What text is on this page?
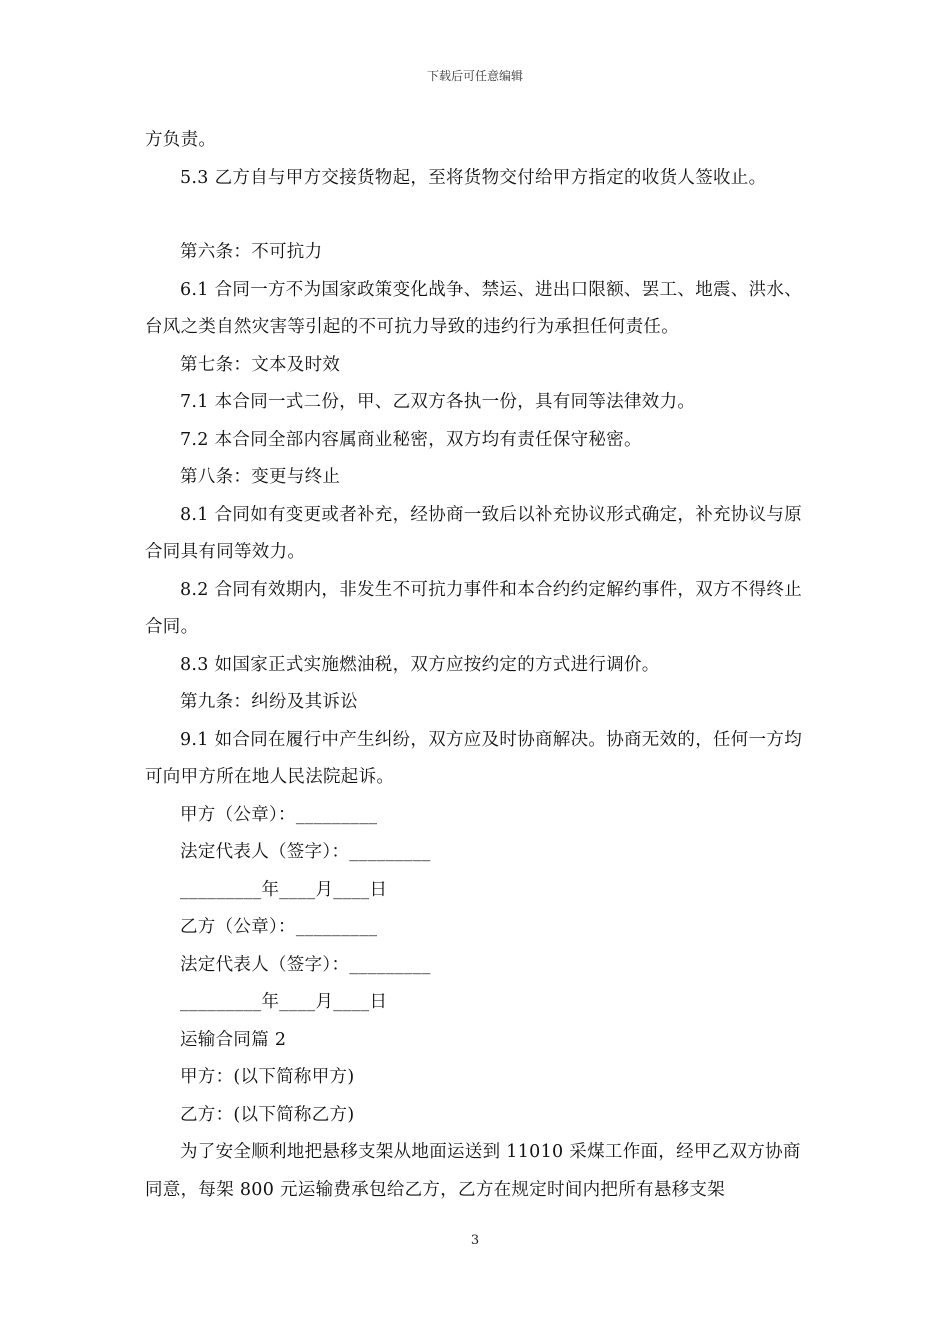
下载后可任意编辑

方负责。

5.3 乙方自与甲方交接货物起，至将货物交付给甲方指定的收货人签收止。

第六条：不可抗力

6.1 合同一方不为国家政策变化战争、禁运、进出口限额、罢工、地震、洪水、台风之类自然灾害等引起的不可抗力导致的违约行为承担任何责任。

第七条：文本及时效

7.1 本合同一式二份，甲、乙双方各执一份，具有同等法律效力。

7.2 本合同全部内容属商业秘密，双方均有责任保守秘密。

第八条：变更与终止

8.1 合同如有变更或者补充，经协商一致后以补充协议形式确定，补充协议与原合同具有同等效力。

8.2 合同有效期内，非发生不可抗力事件和本合约约定解约事件，双方不得终止合同。

8.3 如国家正式实施燃油税，双方应按约定的方式进行调价。

第九条：纠纷及其诉讼

9.1 如合同在履行中产生纠纷，双方应及时协商解决。协商无效的，任何一方均可向甲方所在地人民法院起诉。

甲方（公章）：_________

法定代表人（签字）：_________

_________年____月____日

乙方（公章）：_________

法定代表人（签字）：_________

_________年____月____日

运输合同篇 2

甲方：(以下简称甲方)

乙方：(以下简称乙方)

为了安全顺利地把悬移支架从地面运送到 11010 采煤工作面，经甲乙双方协商同意，每架 800 元运输费承包给乙方，乙方在规定时间内把所有悬移支架

3
